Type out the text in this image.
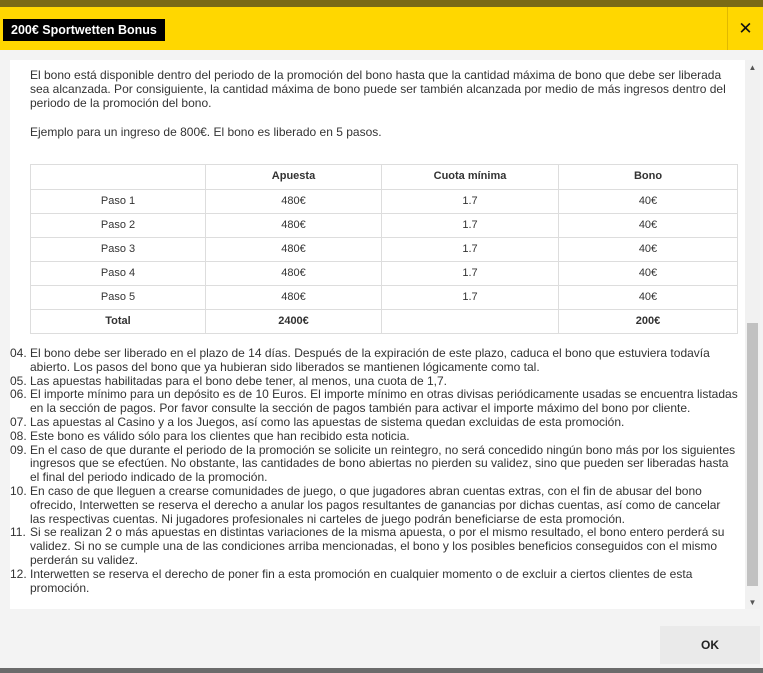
200€ Sportwetten Bonus	✕

El bono está disponible dentro del periodo de la promoción del bono hasta que la cantidad máxima de bono que debe ser liberada sea alcanzada. Por consiguiente, la cantidad máxima de bono puede ser también alcanzada por medio de más ingresos dentro del periodo de la promoción del bono.

Ejemplo para un ingreso de 800€. El bono es liberado en 5 pasos.

	Apuesta	Cuota mínima	Bono
Paso 1	480€	1.7	40€
Paso 2	480€	1.7	40€
Paso 3	480€	1.7	40€
Paso 4	480€	1.7	40€
Paso 5	480€	1.7	40€
Total	2400€		200€
04. El bono debe ser liberado en el plazo de 14 días. Después de la expiración de este plazo, caduca el bono que estuviera todavía abierto. Los pasos del bono que ya hubieran sido liberados se mantienen lógicamente como tal.
05. Las apuestas habilitadas para el bono debe tener, al menos, una cuota de 1,7.
06. El importe mínimo para un depósito es de 10 Euros. El importe mínimo en otras divisas periódicamente usadas se encuentra listadas en la sección de pagos. Por favor consulte la sección de pagos también para activar el importe máximo del bono por cliente.
07. Las apuestas al Casino y a los Juegos, así como las apuestas de sistema quedan excluidas de esta promoción.
08. Este bono es válido sólo para los clientes que han recibido esta noticia.
09. En el caso de que durante el periodo de la promoción se solicite un reintegro, no será concedido ningún bono más por los siguientes ingresos que se efectúen. No obstante, las cantidades de bono abiertas no pierden su validez, sino que pueden ser liberadas hasta el final del periodo indicado de la promoción.
10. En caso de que lleguen a crearse comunidades de juego, o que jugadores abran cuentas extras, con el fin de abusar del bono ofrecido, Interwetten se reserva el derecho a anular los pagos resultantes de ganancias por dichas cuentas, así como de cancelar las respectivas cuentas. Ni jugadores profesionales ni carteles de juego podrán beneficiarse de esta promoción.
11. Si se realizan 2 o más apuestas en distintas variaciones de la misma apuesta, o por el mismo resultado, el bono entero perderá su validez. Si no se cumple una de las condiciones arriba mencionadas, el bono y los posibles beneficios conseguidos con el mismo perderán su validez.
12. Interwetten se reserva el derecho de poner fin a esta promoción en cualquier momento o de excluir a ciertos clientes de esta promoción.
▲
▼
OK
